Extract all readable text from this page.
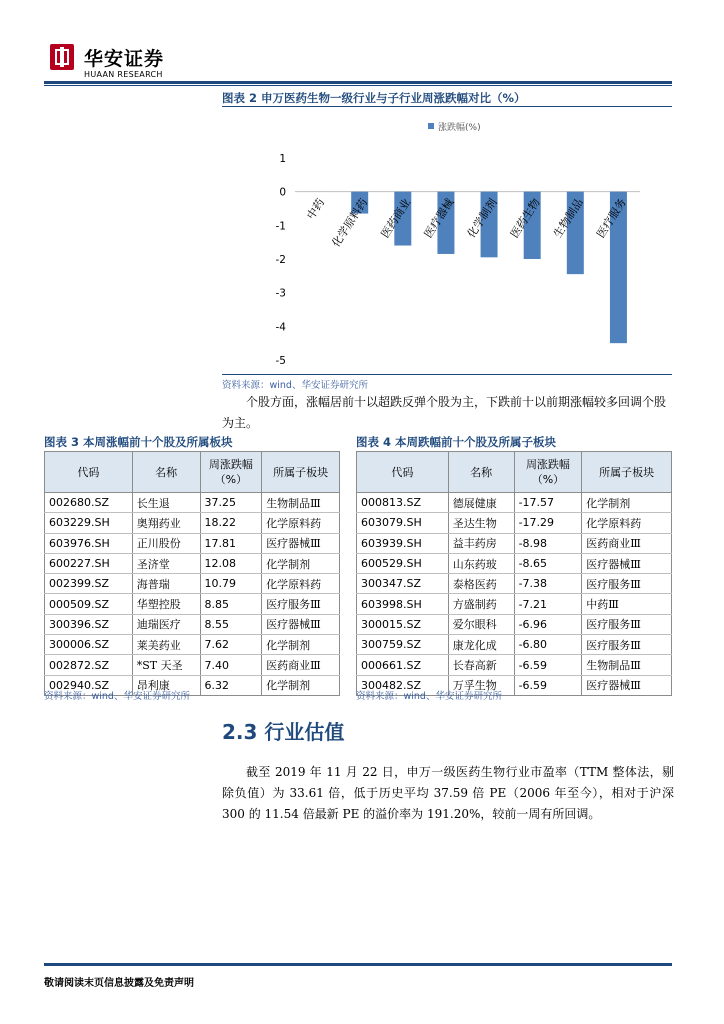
华安证券
HUAAN RESEARCH
图表 2 申万医药生物一级行业与子行业周涨跌幅对比（%）
涨跌幅(%)
1
0
-1
-2
-3
-4
-5
中药 化学原料药 医药商业 医疗器械 化学制剂 医药生物 生物制品 医疗服务
资料来源：wind、华安证券研究所
个股方面，涨幅居前十以超跌反弹个股为主，下跌前十以前期涨幅较多回调个股为主。
图表 3 本周涨幅前十个股及所属板块
代码	名称	周涨跌幅（%）	所属子板块
002680.SZ	长生退	37.25	生物制品Ⅲ
603229.SH	奥翔药业	18.22	化学原料药
603976.SH	正川股份	17.81	医疗器械Ⅲ
600227.SH	圣济堂	12.08	化学制剂
002399.SZ	海普瑞	10.79	化学原料药
000509.SZ	华塑控股	8.85	医疗服务Ⅲ
300396.SZ	迪瑞医疗	8.55	医疗器械Ⅲ
300006.SZ	莱美药业	7.62	化学制剂
002872.SZ	*ST 天圣	7.40	医药商业Ⅲ
002940.SZ	昂利康	6.32	化学制剂
资料来源：wind、华安证券研究所
图表 4 本周跌幅前十个股及所属子板块
代码	名称	周涨跌幅（%）	所属子板块
000813.SZ	德展健康	-17.57	化学制剂
603079.SH	圣达生物	-17.29	化学原料药
603939.SH	益丰药房	-8.98	医药商业Ⅲ
600529.SH	山东药玻	-8.65	医疗器械Ⅲ
300347.SZ	泰格医药	-7.38	医疗服务Ⅲ
603998.SH	方盛制药	-7.21	中药Ⅲ
300015.SZ	爱尔眼科	-6.96	医疗服务Ⅲ
300759.SZ	康龙化成	-6.80	医疗服务Ⅲ
000661.SZ	长春高新	-6.59	生物制品Ⅲ
300482.SZ	万孚生物	-6.59	医疗器械Ⅲ
资料来源：wind、华安证券研究所
2.3 行业估值
截至 2019 年 11 月 22 日，申万一级医药生物行业市盈率（TTM 整体法，剔除负值）为 33.61 倍，低于历史平均 37.59 倍 PE（2006 年至今），相对于沪深 300 的 11.54 倍最新 PE 的溢价率为 191.20%，较前一周有所回调。
敬请阅读末页信息披露及免责声明
